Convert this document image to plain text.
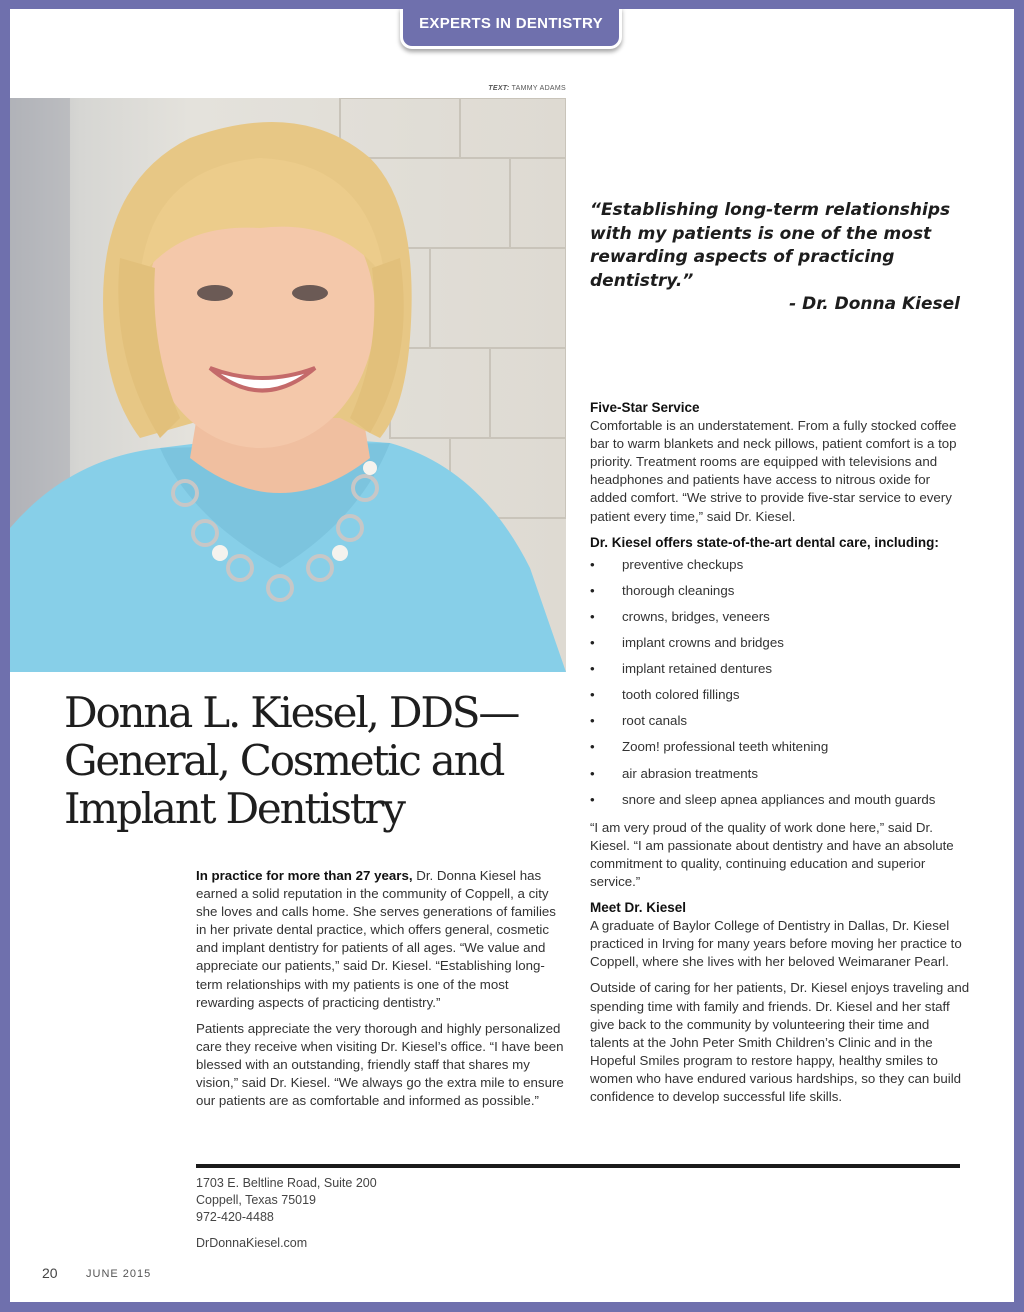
EXPERTS IN DENTISTRY
TEXT: TAMMY ADAMS
“Establishing long-term relationships with my patients is one of the most rewarding aspects of practicing dentistry.”
- Dr. Donna Kiesel
Five-Star Service

Comfortable is an understatement. From a fully stocked coffee bar to warm blankets and neck pillows, patient comfort is a top priority. Treatment rooms are equipped with televisions and headphones and patients have access to nitrous oxide for added comfort. “We strive to provide five-star service to every patient every time,” said Dr. Kiesel.

Dr. Kiesel offers state-of-the-art dental care, including:
• preventive checkups
• thorough cleanings
• crowns, bridges, veneers
• implant crowns and bridges
• implant retained dentures
• tooth colored fillings
• root canals
• Zoom! professional teeth whitening
• air abrasion treatments
• snore and sleep apnea appliances and mouth guards

“I am very proud of the quality of work done here,” said Dr. Kiesel. “I am passionate about dentistry and have an absolute commitment to quality, continuing education and superior service.”

Meet Dr. Kiesel

A graduate of Baylor College of Dentistry in Dallas, Dr. Kiesel practiced in Irving for many years before moving her practice to Coppell, where she lives with her beloved Weimaraner Pearl.

Outside of caring for her patients, Dr. Kiesel enjoys traveling and spending time with family and friends. Dr. Kiesel and her staff give back to the community by volunteering their time and talents at the John Peter Smith Children’s Clinic and in the Hopeful Smiles program to restore happy, healthy smiles to women who have endured various hardships, so they can build confidence to develop successful life skills.

Donna L. Kiesel, DDS—
General, Cosmetic and
Implant Dentistry

In practice for more than 27 years, Dr. Donna Kiesel has earned a solid reputation in the community of Coppell, a city she loves and calls home. She serves generations of families in her private dental practice, which offers general, cosmetic and implant dentistry for patients of all ages. “We value and appreciate our patients,” said Dr. Kiesel. “Establishing long-term relationships with my patients is one of the most rewarding aspects of practicing dentistry.”

Patients appreciate the very thorough and highly personalized care they receive when visiting Dr. Kiesel’s office. “I have been blessed with an outstanding, friendly staff that shares my vision,” said Dr. Kiesel. “We always go the extra mile to ensure our patients are as comfortable and informed as possible.”

1703 E. Beltline Road, Suite 200
Coppell, Texas 75019
972-420-4488
DrDonnaKiesel.com
20	JUNE 2015
